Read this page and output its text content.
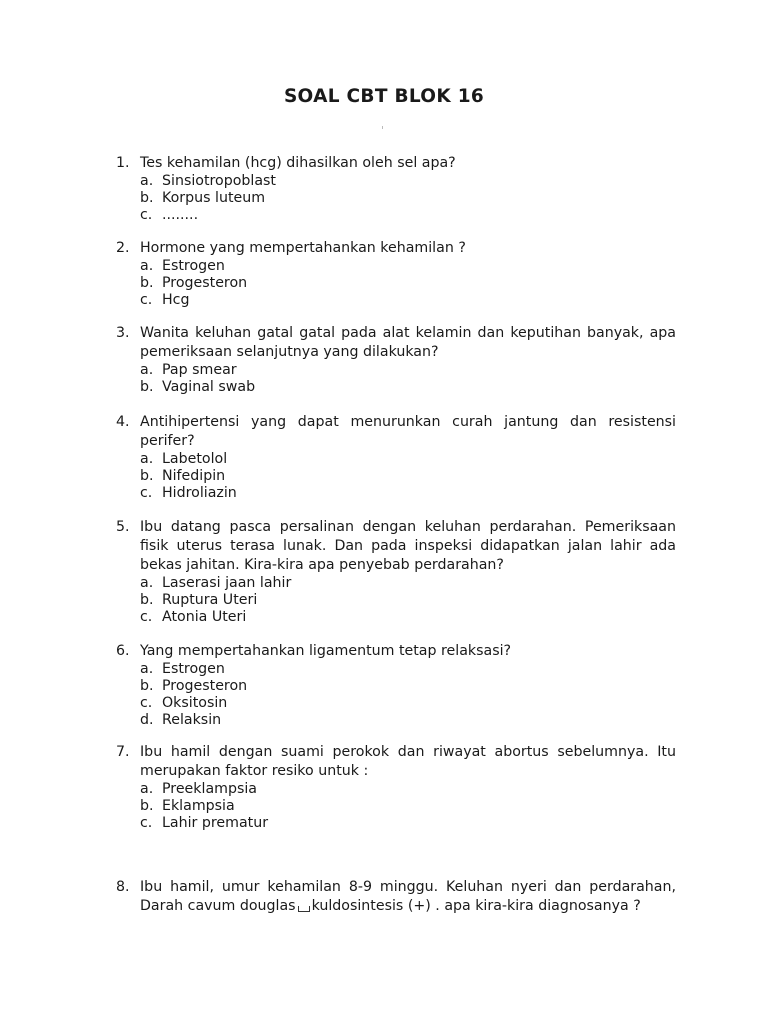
SOAL CBT BLOK 16
1. Tes kehamilan (hcg) dihasilkan oleh sel apa?
a. Sinsiotropoblast
b. Korpus luteum
c. ........
2. Hormone yang mempertahankan kehamilan ?
a. Estrogen
b. Progesteron
c. Hcg
3. Wanita keluhan gatal gatal pada alat kelamin dan keputihan banyak, apa pemeriksaan selanjutnya yang dilakukan?
a. Pap smear
b. Vaginal swab
4. Antihipertensi yang dapat menurunkan curah jantung dan resistensi perifer?
a. Labetolol
b. Nifedipin
c. Hidroliazin
5. Ibu datang pasca persalinan dengan keluhan perdarahan. Pemeriksaan fisik uterus terasa lunak. Dan pada inspeksi didapatkan jalan lahir ada bekas jahitan. Kira-kira apa penyebab perdarahan?
a. Laserasi jaan lahir
b. Ruptura Uteri
c. Atonia Uteri
6. Yang mempertahankan ligamentum tetap relaksasi?
a. Estrogen
b. Progesteron
c. Oksitosin
d. Relaksin
7. Ibu hamil dengan suami perokok dan riwayat abortus sebelumnya. Itu merupakan faktor resiko untuk :
a. Preeklampsia
b. Eklampsia
c. Lahir prematur
8. Ibu hamil, umur kehamilan 8-9 minggu. Keluhan nyeri dan perdarahan, Darah cavum douglas kuldosintesis (+) . apa kira-kira diagnosanya ?
